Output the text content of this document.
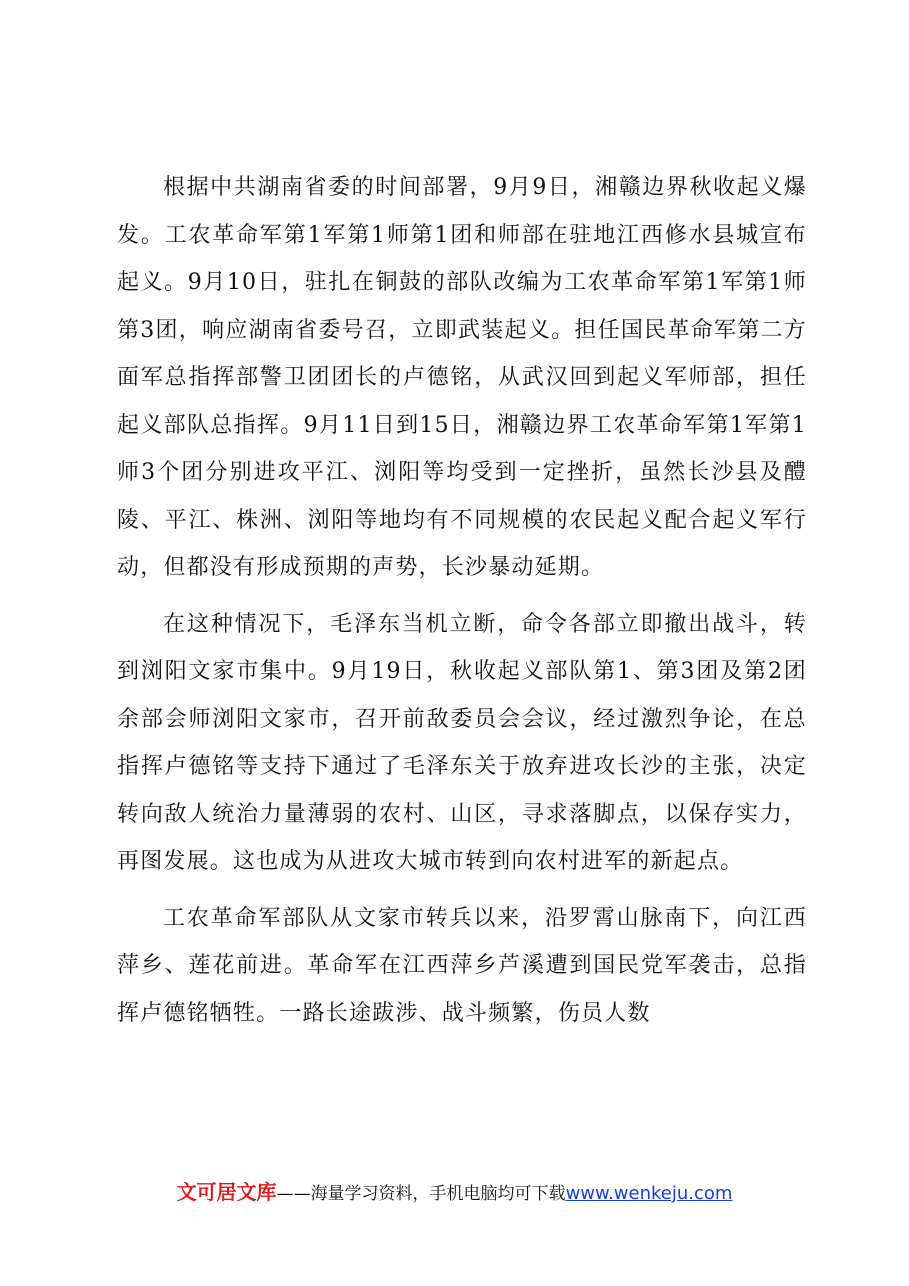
根据中共湖南省委的时间部署，9月9日，湘赣边界秋收起义爆发。工农革命军第1军第1师第1团和师部在驻地江西修水县城宣布起义。9月10日，驻扎在铜鼓的部队改编为工农革命军第1军第1师第3团，响应湖南省委号召，立即武装起义。担任国民革命军第二方面军总指挥部警卫团团长的卢德铭，从武汉回到起义军师部，担任起义部队总指挥。9月11日到15日，湘赣边界工农革命军第1军第1师3个团分别进攻平江、浏阳等均受到一定挫折，虽然长沙县及醴陵、平江、株洲、浏阳等地均有不同规模的农民起义配合起义军行动，但都没有形成预期的声势，长沙暴动延期。

在这种情况下，毛泽东当机立断，命令各部立即撤出战斗，转到浏阳文家市集中。9月19日，秋收起义部队第1、第3团及第2团余部会师浏阳文家市，召开前敌委员会会议，经过激烈争论，在总指挥卢德铭等支持下通过了毛泽东关于放弃进攻长沙的主张，决定转向敌人统治力量薄弱的农村、山区，寻求落脚点，以保存实力，再图发展。这也成为从进攻大城市转到向农村进军的新起点。

工农革命军部队从文家市转兵以来，沿罗霄山脉南下，向江西萍乡、莲花前进。革命军在江西萍乡芦溪遭到国民党军袭击，总指挥卢德铭牺牲。一路长途跋涉、战斗频繁，伤员人数

文可居文库——海量学习资料，手机电脑均可下载www.wenkeju.com
